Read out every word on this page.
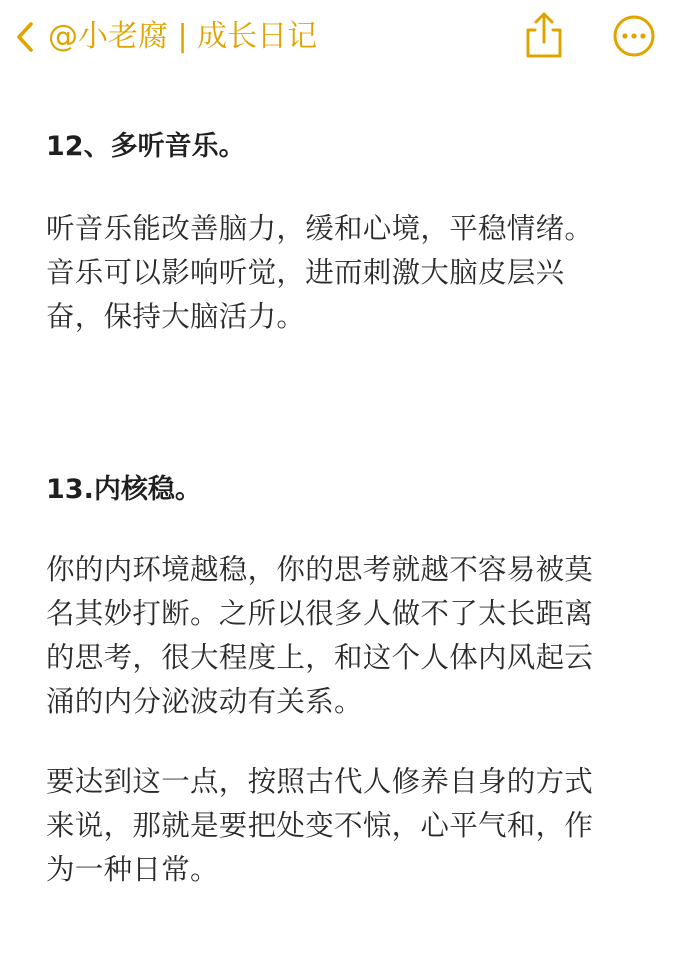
@小老腐 | 成长日记
12、多听音乐。
听音乐能改善脑力，缓和心境，平稳情绪。
音乐可以影响听觉，进而刺激大脑皮层兴
奋，保持大脑活力。
13.内核稳。
你的内环境越稳，你的思考就越不容易被莫
名其妙打断。之所以很多人做不了太长距离
的思考，很大程度上，和这个人体内风起云
涌的内分泌波动有关系。
要达到这一点，按照古代人修养自身的方式
来说，那就是要把处变不惊，心平气和，作
为一种日常。
